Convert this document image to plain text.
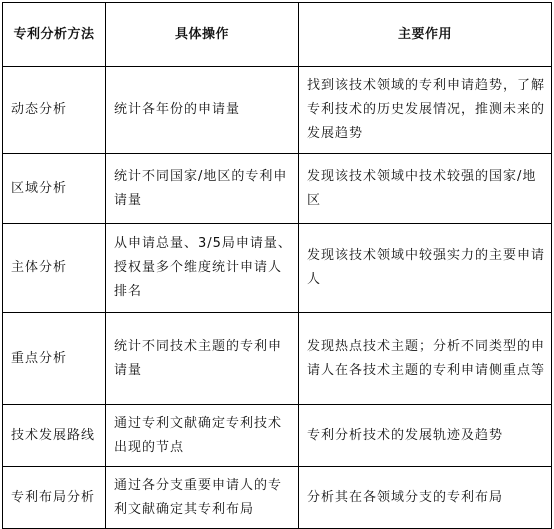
专利分析方法	具体操作	主要作用
动态分析	统计各年份的申请量	找到该技术领域的专利申请趋势，了解专利技术的历史发展情况，推测未来的发展趋势
区域分析	统计不同国家/地区的专利申请量	发现该技术领域中技术较强的国家/地区
主体分析	从申请总量、3/5局申请量、授权量多个维度统计申请人排名	发现该技术领域中较强实力的主要申请人
重点分析	统计不同技术主题的专利申请量	发现热点技术主题；分析不同类型的申请人在各技术主题的专利申请侧重点等
技术发展路线	通过专利文献确定专利技术出现的节点	专利分析技术的发展轨迹及趋势
专利布局分析	通过各分支重要申请人的专利文献确定其专利布局	分析其在各领域分支的专利布局
